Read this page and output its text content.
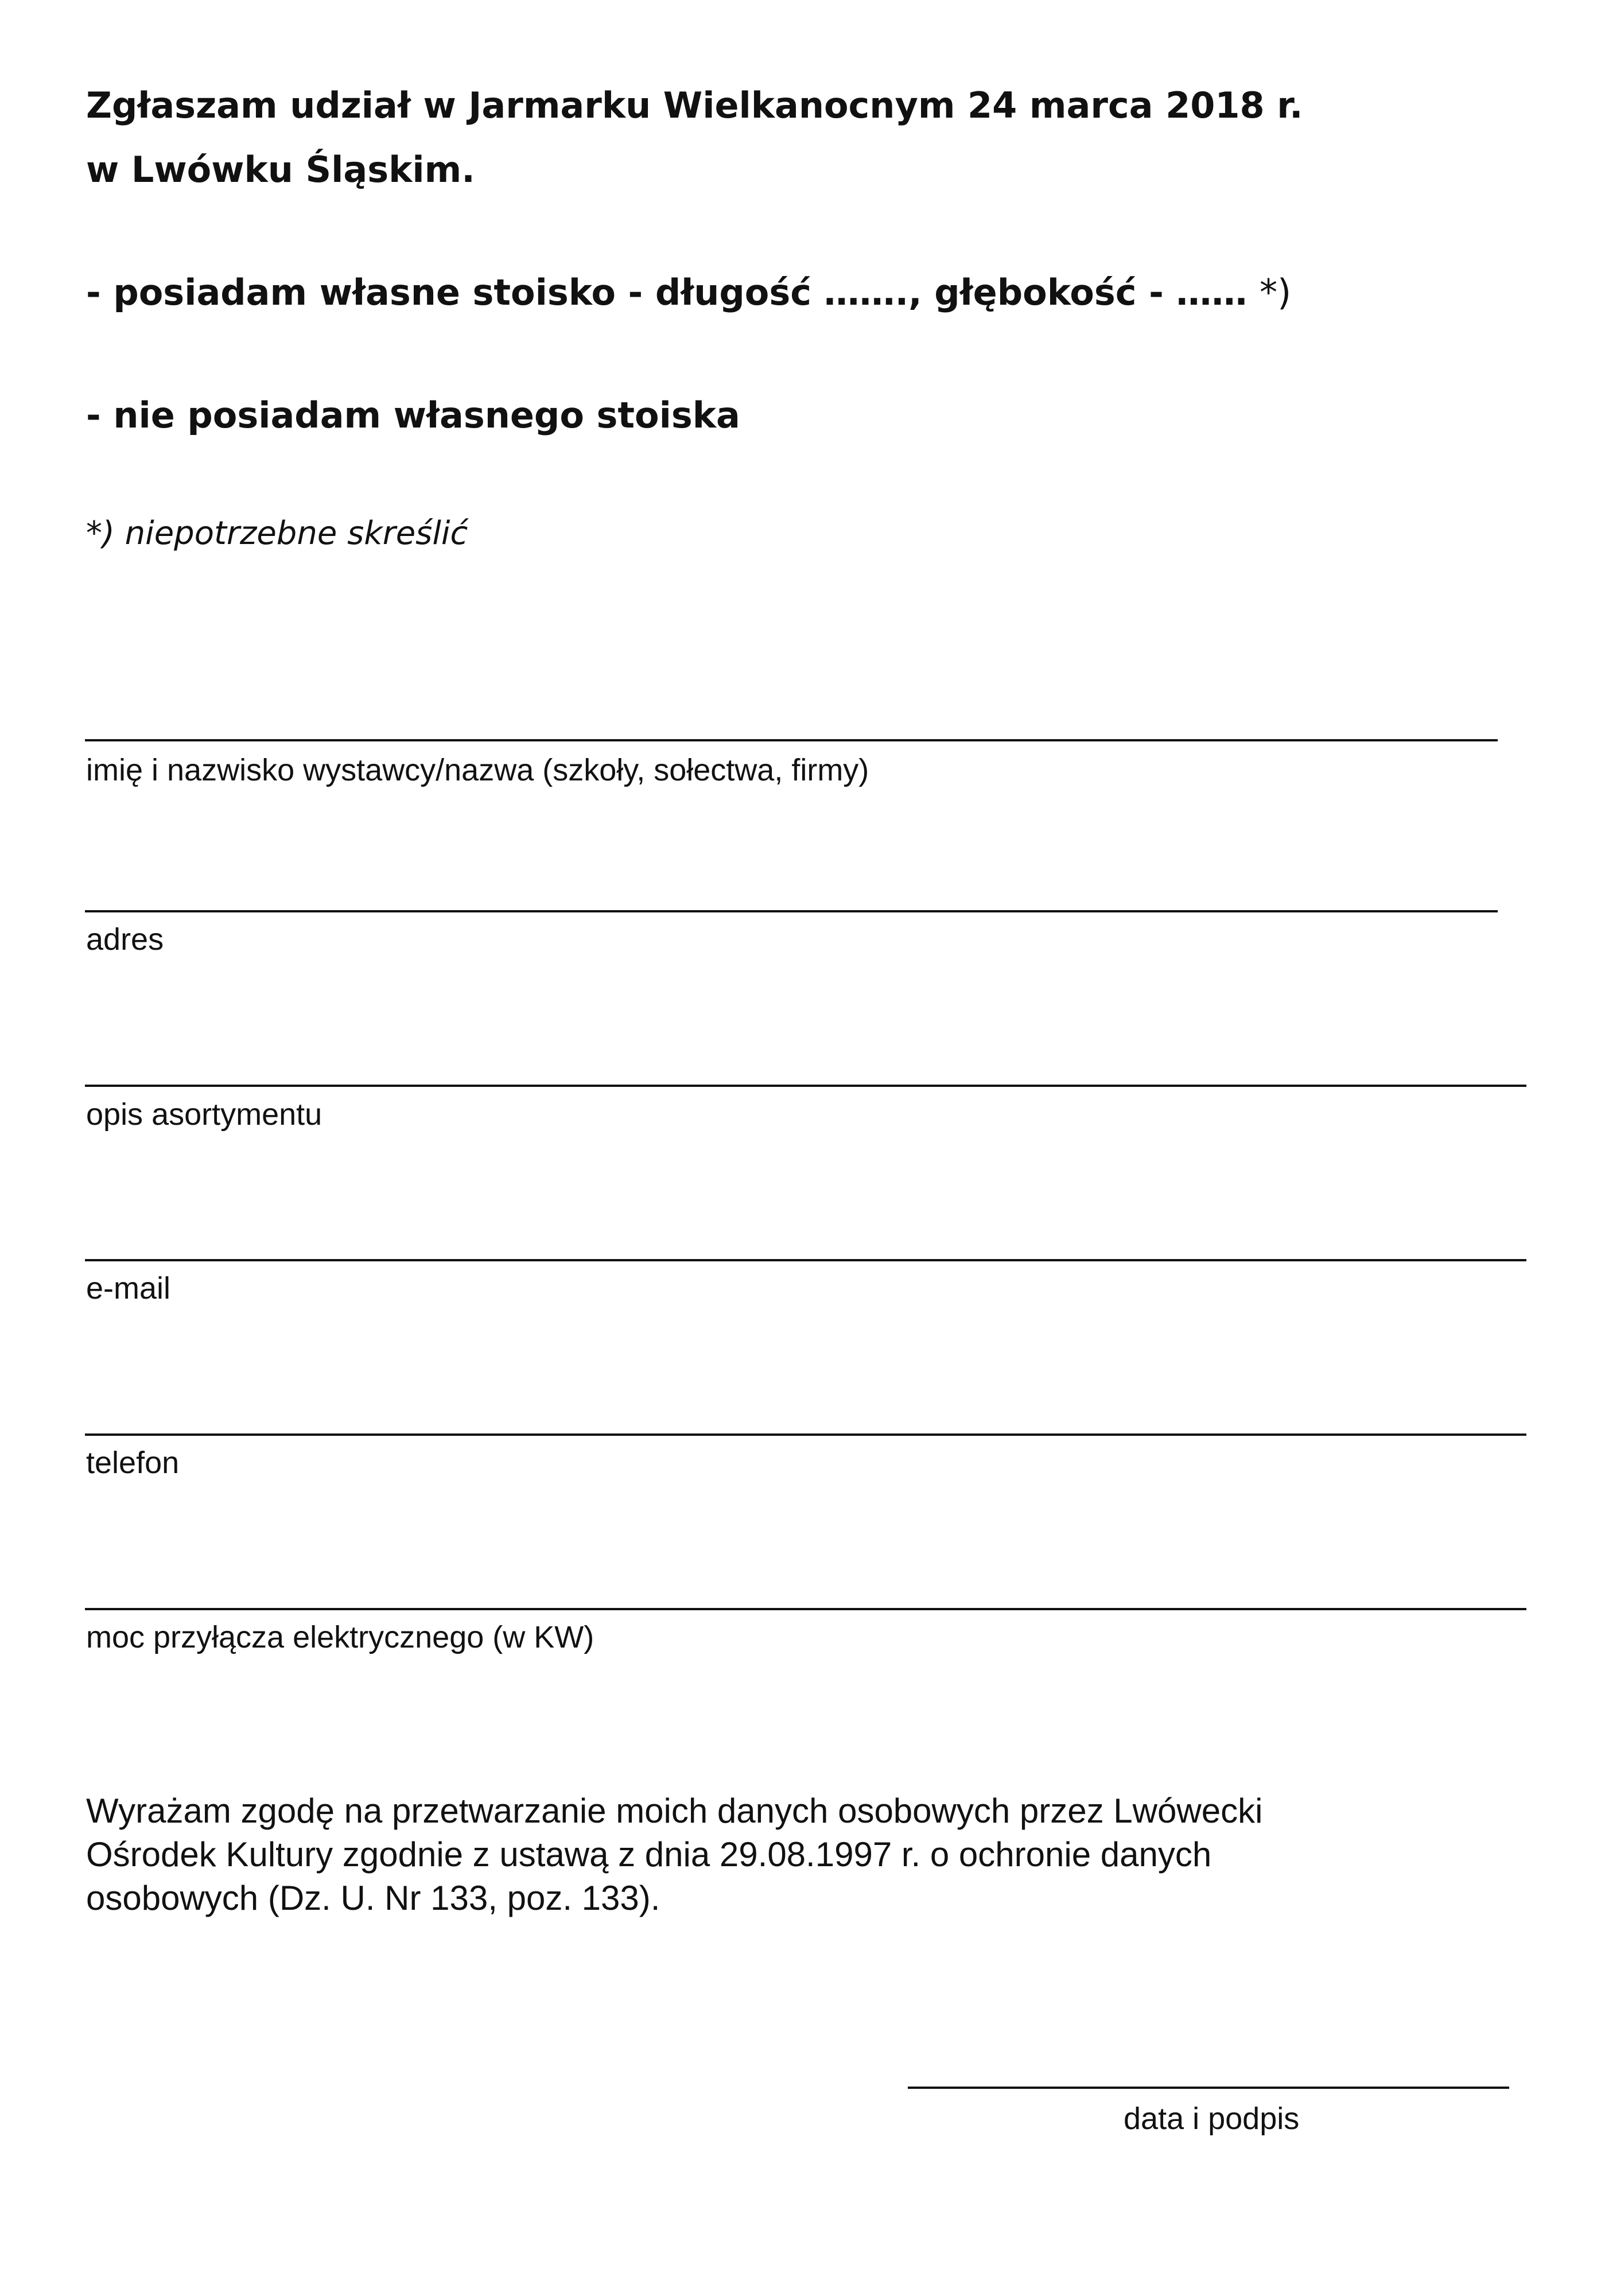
Zgłaszam udział w Jarmarku Wielkanocnym 24 marca 2018 r.
w Lwówku Śląskim.
- posiadam własne stoisko - długość ……., głębokość - …… *)
- nie posiadam własnego stoiska
*) niepotrzebne skreślić
imię i nazwisko wystawcy/nazwa (szkoły, sołectwa, firmy)
adres
opis asortymentu
e-mail
telefon
moc przyłącza elektrycznego (w KW)

Wyrażam zgodę na przetwarzanie moich danych osobowych przez Lwówecki
Ośrodek Kultury zgodnie z ustawą z dnia 29.08.1997 r. o ochronie danych
osobowych (Dz. U. Nr 133, poz. 133).

data i podpis
